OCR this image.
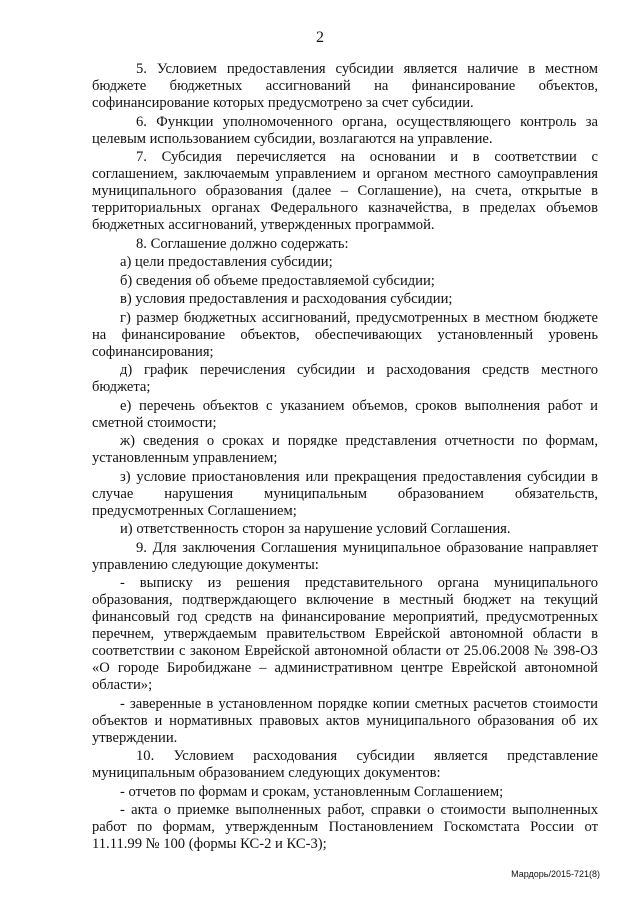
2

5. Условием предоставления субсидии является наличие в местном бюджете бюджетных ассигнований на финансирование объектов, софинансирование которых предусмотрено за счет субсидии.

6. Функции уполномоченного органа, осуществляющего контроль за целевым использованием субсидии, возлагаются на управление.

7. Субсидия перечисляется на основании и в соответствии с соглашением, заключаемым управлением и органом местного самоуправления муниципального образования (далее – Соглашение), на счета, открытые в территориальных органах Федерального казначейства, в пределах объемов бюджетных ассигнований, утвержденных программой.

8. Соглашение должно содержать:

а) цели предоставления субсидии;

б) сведения об объеме предоставляемой субсидии;

в) условия предоставления и расходования субсидии;

г) размер бюджетных ассигнований, предусмотренных в местном бюджете на финансирование объектов, обеспечивающих установленный уровень софинансирования;

д) график перечисления субсидии и расходования средств местного бюджета;

е) перечень объектов с указанием объемов, сроков выполнения работ и сметной стоимости;

ж) сведения о сроках и порядке представления отчетности по формам, установленным управлением;

з) условие приостановления или прекращения предоставления субсидии в случае нарушения муниципальным образованием обязательств, предусмотренных Соглашением;

и) ответственность сторон за нарушение условий Соглашения.

9. Для заключения Соглашения муниципальное образование направляет управлению следующие документы:

- выписку из решения представительного органа муниципального образования, подтверждающего включение в местный бюджет на текущий финансовый год средств на финансирование мероприятий, предусмотренных перечнем, утверждаемым правительством Еврейской автономной области в соответствии с законом Еврейской автономной области от 25.06.2008 № 398-ОЗ «О городе Биробиджане – административном центре Еврейской автономной области»;

- заверенные в установленном порядке копии сметных расчетов стоимости объектов и нормативных правовых актов муниципального образования об их утверждении.

10. Условием расходования субсидии является представление муниципальным образованием следующих документов:

- отчетов по формам и срокам, установленным Соглашением;

- акта о приемке выполненных работ, справки о стоимости выполненных работ по формам, утвержденным Постановлением Госкомстата России от 11.11.99 № 100 (формы КС-2 и КС-3);

Мардорь/2015-721(8)
